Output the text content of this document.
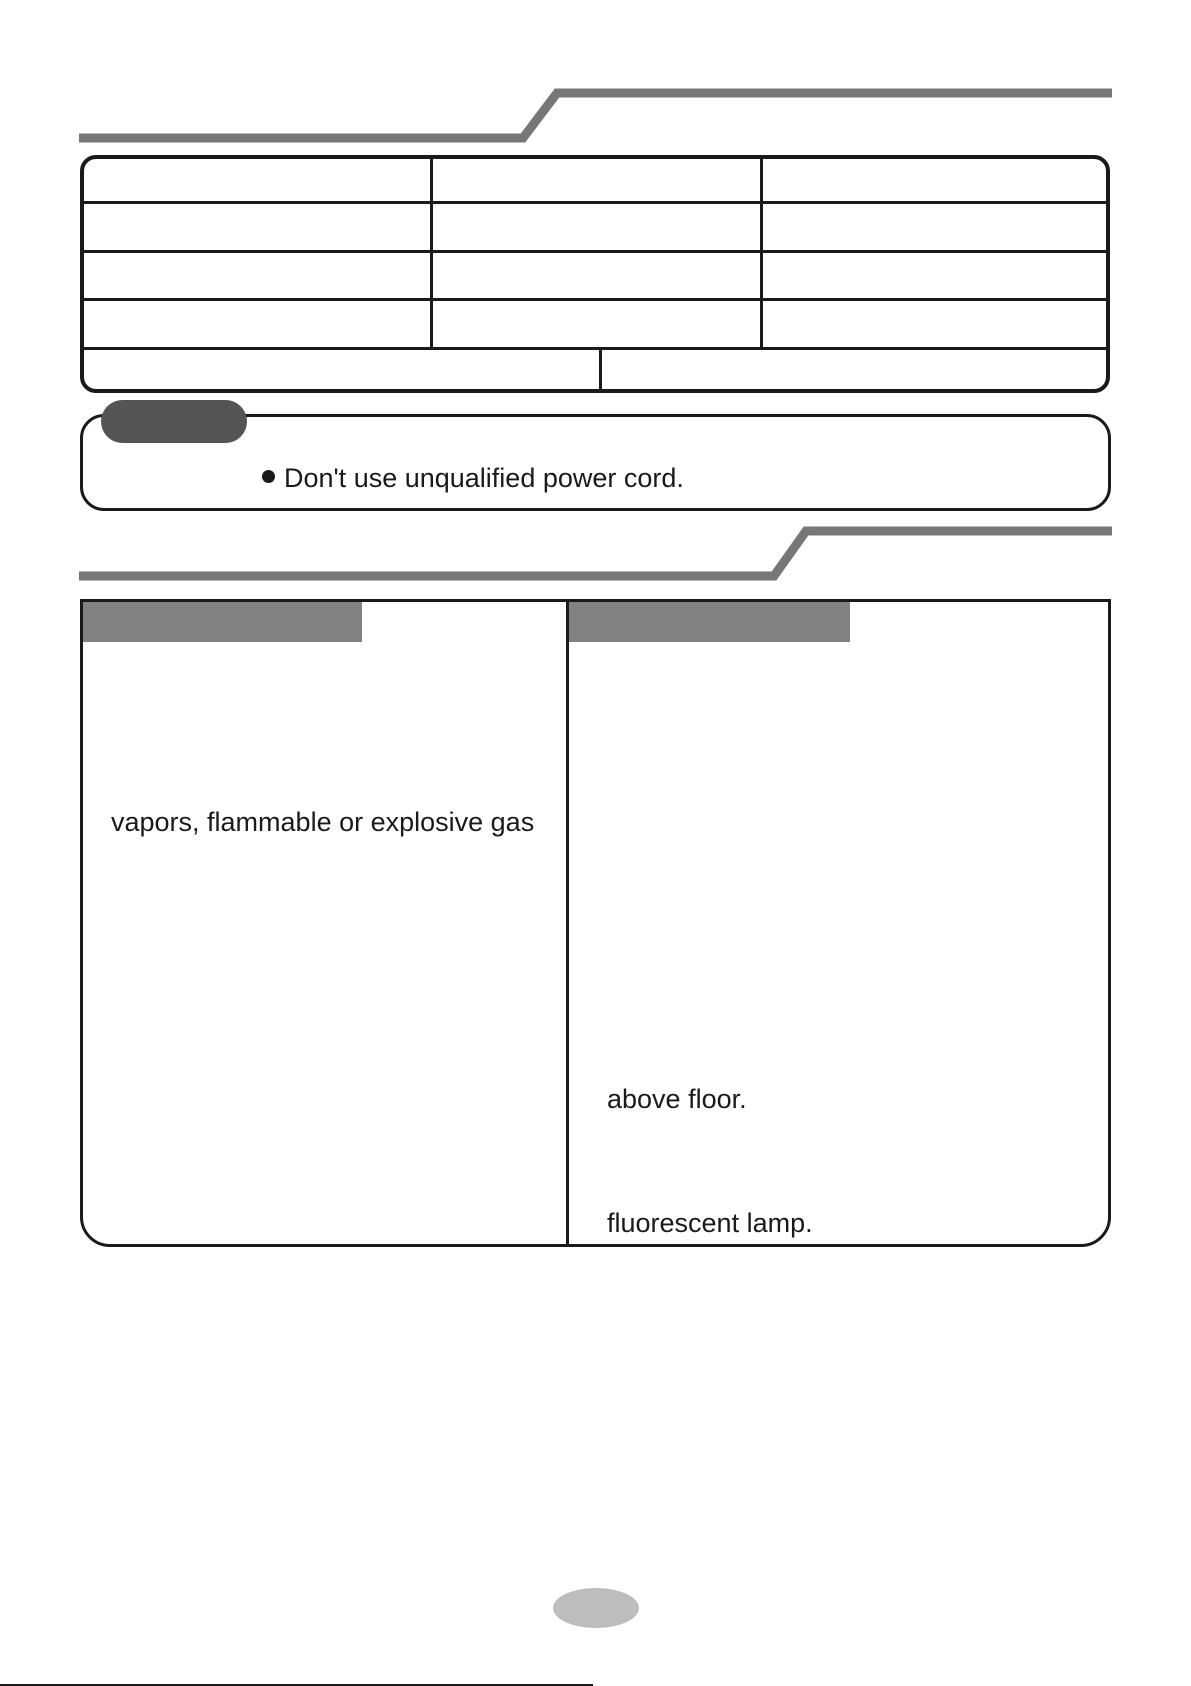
Don't use unqualified power cord.
vapors, flammable or explosive gas
above floor.
fluorescent lamp.
